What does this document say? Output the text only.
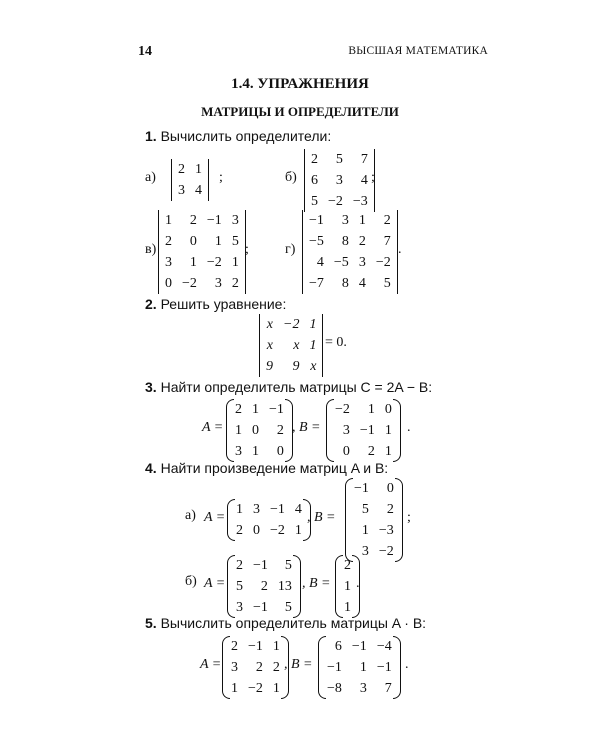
14	ВЫСШАЯ МАТЕМАТИКА
1.4. УПРАЖНЕНИЯ
МАТРИЦЫ И ОПРЕДЕЛИТЕЛИ
1. Вычислить определители:
а)
2 1
3 4
;	б)
2	5	7
6	3	4
5 −2 −3
;
в)
1	2 −1 3
2	0	1 5
3	1 −2 1
0 −2	3 2
;	г)
−1	3 1	2
−5	8 2	7
4 −5 3 −2
−7	8 4	5
.
2. Решить уравнение:
x −2 1
x	x 1
9	9 x
= 0.
3. Найти определитель матрицы C = 2A − B:
A =
2 1 −1
1 0	2
3 1	0
, B =
−2	1 0
3 −1 1
0	2 1
.
4. Найти произведение матриц A и B:
а) A =
1 3 −1 4
2 0 −2 1
, B =
−1	0
5	2
1 −3
3 −2
;
б) A =
2 −1	5
5	2 13
3 −1	5
, B =
2
1
1
.
5. Вычислить определитель матрицы A · B:
A =
2 −1 1
3	2 2
1 −2 1
, B =
6 −1 −4
−1	1 −1
−8	3	7
.
